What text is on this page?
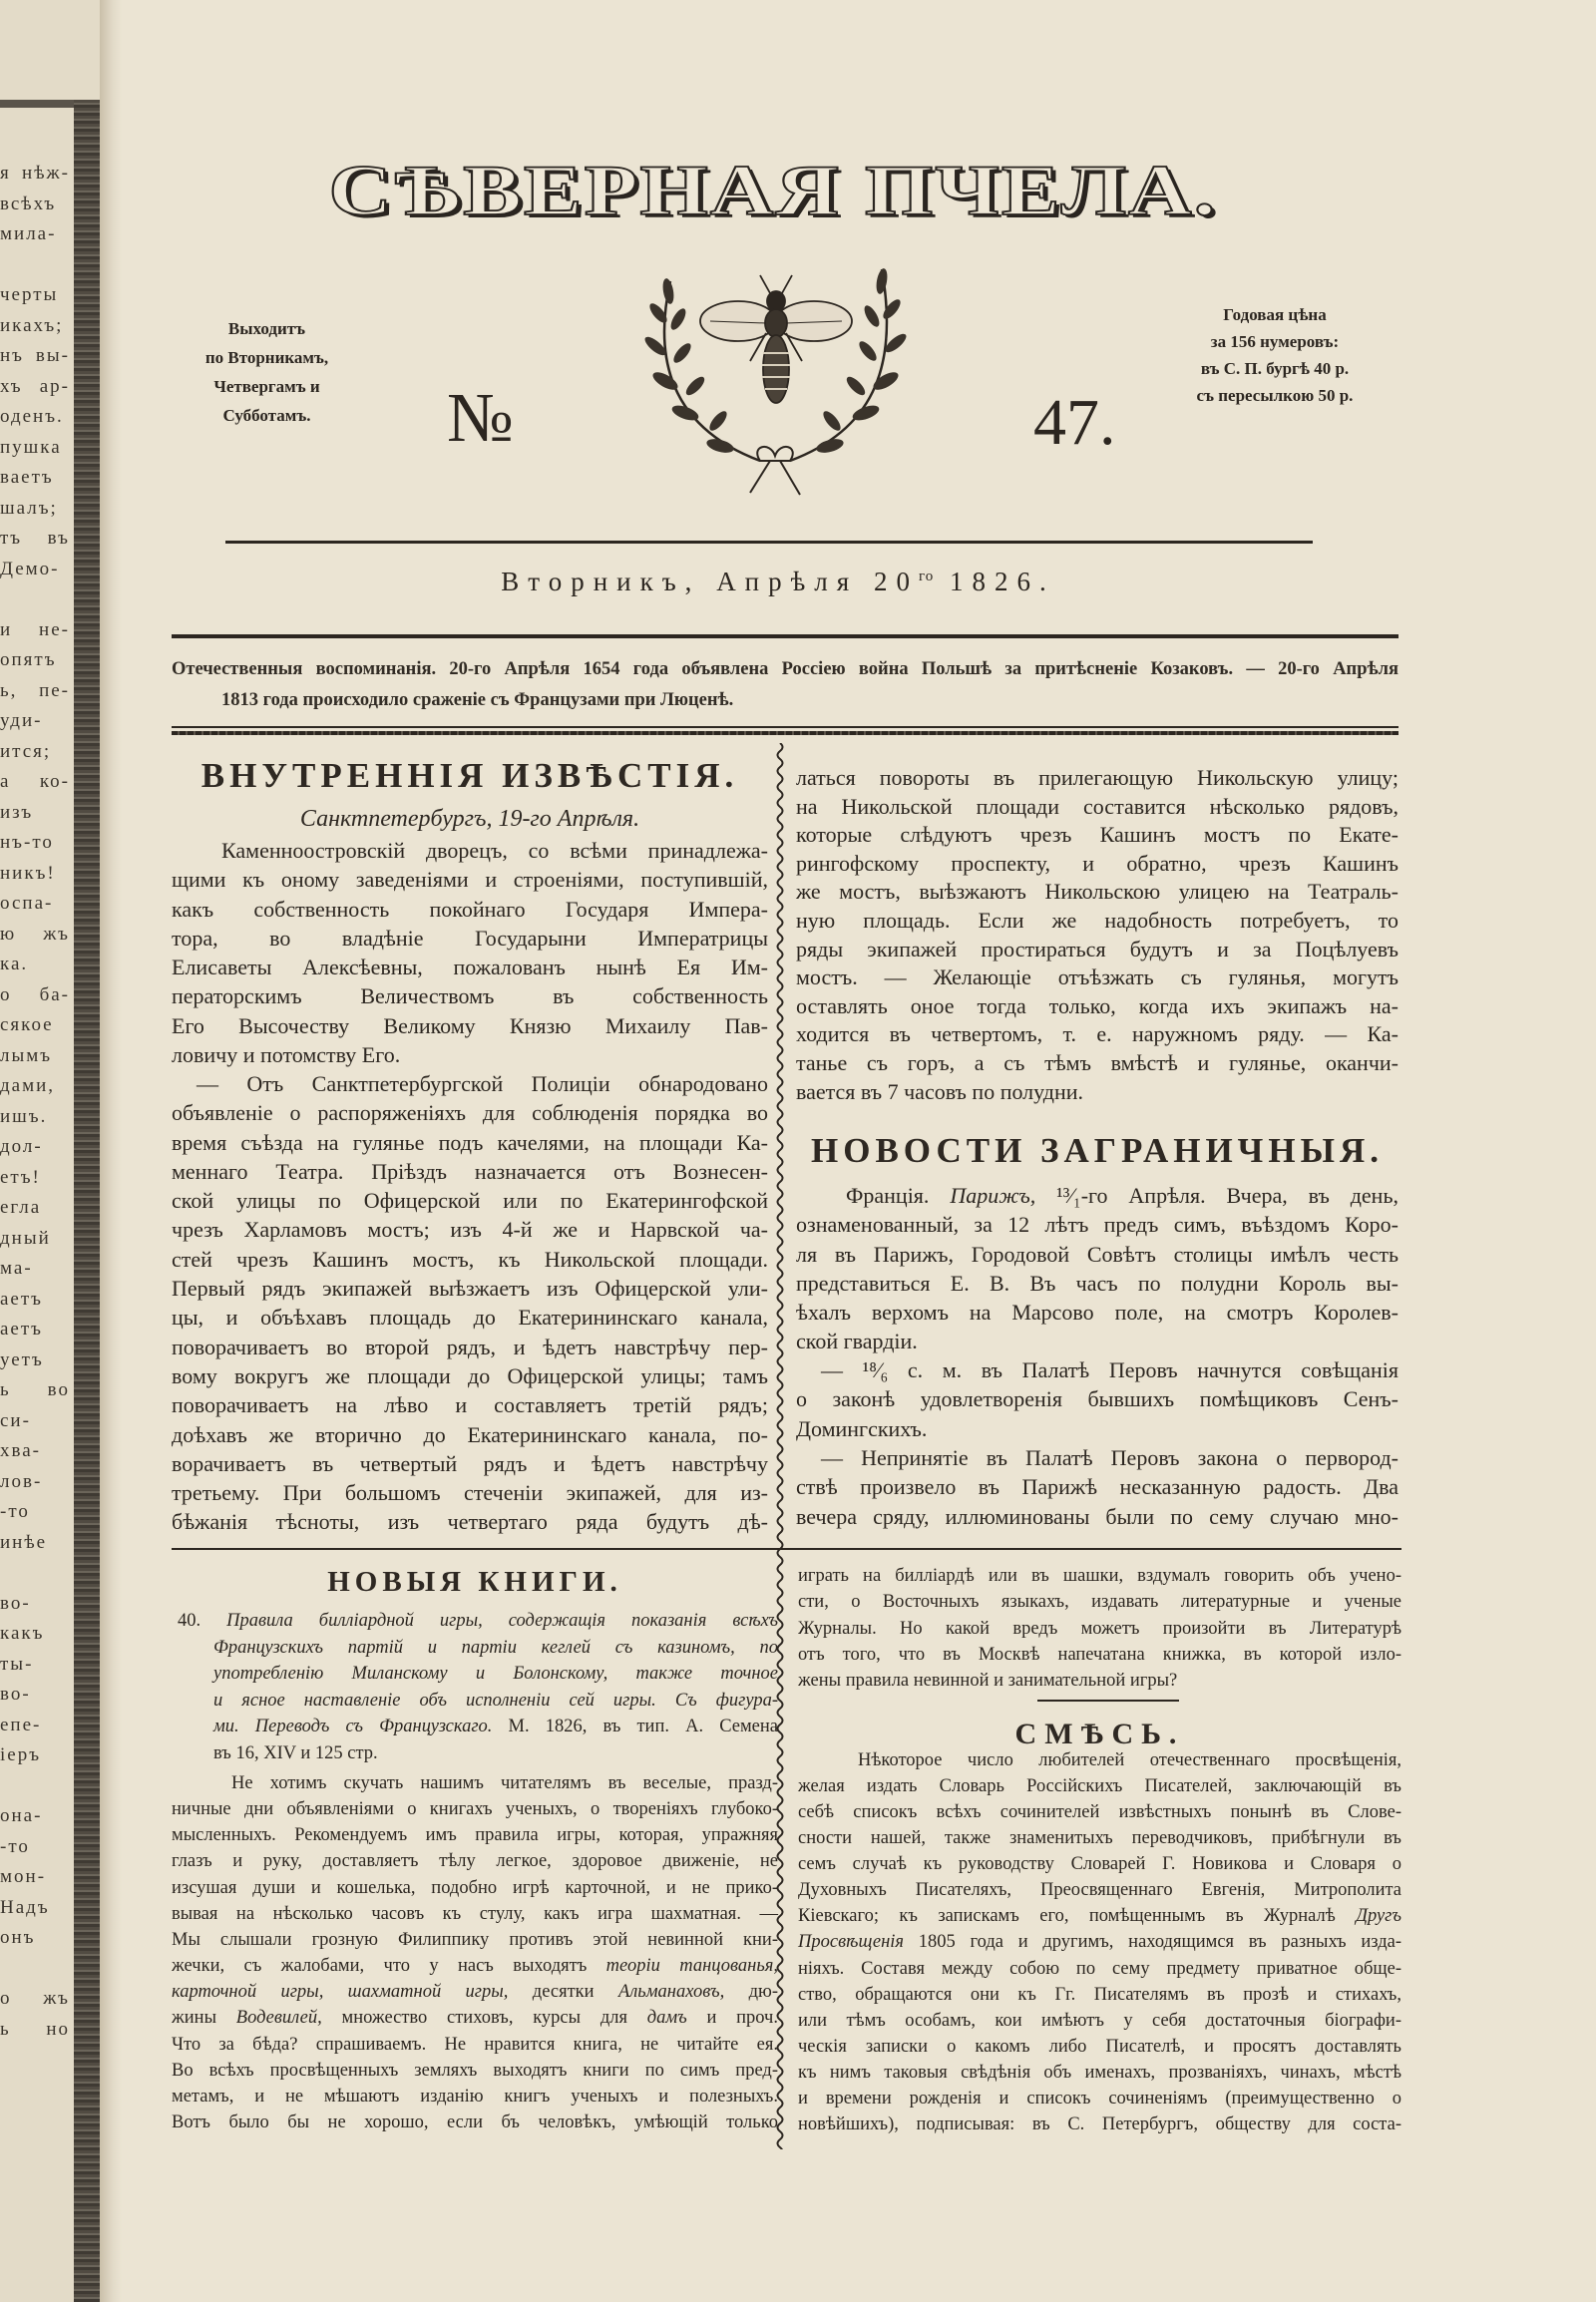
я нѣж-
всѣхъ
мила-
черты
икахъ;
нъ вы-
хъ ар-
оденъ.
пушка
ваетъ
шалъ;
тъ въ
Демо-
и не-
опятъ
ь, пе-
уди-
ится;
а ко-
изъ
нъ-то
никъ!
оспа-
ю жъ
ка.
о ба-
сякое
лымъ
дами,
ишъ.
дол-
етъ!
егла
дный
ма-
аетъ
аетъ
уетъ
ь во
си-
хва-
лов-
-то
инѣе
во-
какъ
ты-
во-
епе-
іеръ
она-
-то
мон-
Надъ
онъ
о жъ
ь но
СѢВЕРНАЯ ПЧЕЛА.
Выходитъ
по Вторникамъ,
Четвергамъ и
Субботамъ.	№	47.
Годовая цѣна
за 156 нумеровъ:
въ С. П. бургѣ 40 р.
съ пересылкою 50 р.
Вторникъ, Апрѣля $20^{го}$ 1826.
Отечественныя воспоминанія. 20-го Апрѣля 1654 года объявлена Россіею война Польшѣ за притѣсненіе Козаковъ. — 20-го Апрѣля
1813 года происходило сраженіе съ Французами при Люценѣ.
ВНУТРЕННІЯ ИЗВѢСТІЯ.
Санктпетербургъ, 19-го Апрѣля.
Каменноостровскій дворецъ, со всѣми принадлежа-
щими къ оному заведеніями и строеніями, поступившій,
какъ собственность покойнаго Государя Импера-
тора, во владѣніе Государыни Императрицы
Елисаветы Алексѣевны, пожалованъ нынѣ Ея Им-
ператорскимъ Величествомъ въ собственность
Его Высочеству Великому Князю Михаилу Пав-
ловичу и потомству Его.
— Отъ Санктпетербургской Полиціи обнародовано
объявленіе о распоряженіяхъ для соблюденія порядка во
время съѣзда на гулянье подъ качелями, на площади Ка-
меннаго Театра. Пріѣздъ назначается отъ Вознесен-
ской улицы по Офицерской или по Екатерингофской
чрезъ Харламовъ мостъ; изъ 4-й же и Нарвской ча-
стей чрезъ Кашинъ мостъ, къ Никольской площади.
Первый рядъ экипажей выѣзжаетъ изъ Офицерской ули-
цы, и объѣхавъ площадь до Екатерининскаго канала,
поворачиваетъ во второй рядъ, и ѣдетъ навстрѣчу пер-
вому вокругъ же площади до Офицерской улицы; тамъ
поворачиваетъ на лѣво и составляетъ третій рядъ;
доѣхавъ же вторично до Екатерининскаго канала, по-
ворачиваетъ въ четвертый рядъ и ѣдетъ навстрѣчу
третьему. При большомъ стеченіи экипажей, для из-
бѣжанія тѣсноты, изъ четвертаго ряда будутъ дѣ-
латься повороты въ прилегающую Никольскую улицу;
на Никольской площади составится нѣсколько рядовъ,
которые слѣдуютъ чрезъ Кашинъ мостъ по Екате-
рингофскому проспекту, и обратно, чрезъ Кашинъ
же мостъ, выѣзжаютъ Никольскою улицею на Театраль-
ную площадь. Если же надобность потребуетъ, то
ряды экипажей простираться будутъ и за Поцѣлуевъ
мостъ. — Желающіе отъѣзжать съ гулянья, могутъ
оставлять оное тогда только, когда ихъ экипажъ на-
ходится въ четвертомъ, т. е. наружномъ ряду. — Ка-
танье съ горъ, а съ тѣмъ вмѣстѣ и гулянье, оканчи-
вается въ 7 часовъ по полудни.
НОВОСТИ ЗАГРАНИЧНЫЯ.
Франція. Парижъ, ¹³⁄₁-го Апрѣля. Вчера, въ день,
ознаменованный, за 12 лѣтъ предъ симъ, въѣздомъ Коро-
ля въ Парижъ, Городовой Совѣтъ столицы имѣлъ честь
представиться Е. В. Въ часъ по полудни Король вы-
ѣхалъ верхомъ на Марсово поле, на смотръ Королев-
ской гвардіи.
— ¹⁸⁄₆ с. м. въ Палатѣ Перовъ начнутся совѣщанія
о законѣ удовлетворенія бывшихъ помѣщиковъ Сенъ-
Домингскихъ.
— Непринятіе въ Палатѣ Перовъ закона о первород-
ствѣ произвело въ Парижѣ несказанную радость. Два
вечера сряду, иллюминованы были по сему случаю мно-
НОВЫЯ КНИГИ.
40. Правила билліардной игры, содержащія показанія всѣхъ
Французскихъ партій и партіи кеглей съ казиномъ, по
употребленію Миланскому и Болонскому, также точное
и ясное наставленіе объ исполненіи сей игры. Съ фигура-
ми. Переводъ съ Французскаго. М. 1826, въ тип. А. Семена
въ 16, XIV и 125 стр.
Не хотимъ скучать нашимъ читателямъ въ веселые, празд-
ничные дни объявленіями о книгахъ ученыхъ, о твореніяхъ глубоко-
мысленныхъ. Рекомендуемъ имъ правила игры, которая, упражняя
глазъ и руку, доставляетъ тѣлу легкое, здоровое движеніе, не
изсушая души и кошелька, подобно игрѣ карточной, и не прико-
вывая на нѣсколько часовъ къ стулу, какъ игра шахматная. —
Мы слышали грозную Филиппику противъ этой невинной кни-
жечки, съ жалобами, что у насъ выходятъ теоріи танцованья,
карточной игры, шахматной игры, десятки Альманаховъ, дю-
жины Водевилей, множество стиховъ, курсы для дамъ и проч.
Что за бѣда? спрашиваемъ. Не нравится книга, не читайте ея.
Во всѣхъ просвѣщенныхъ земляхъ выходятъ книги по симъ пред-
метамъ, и не мѣшаютъ изданію книгъ ученыхъ и полезныхъ.
Вотъ было бы не хорошо, если бъ человѣкъ, умѣющій только
играть на билліардѣ или въ шашки, вздумалъ говорить объ учено-
сти, о Восточныхъ языкахъ, издавать литературные и ученые
Журналы. Но какой вредъ можетъ произойти въ Литературѣ
отъ того, что въ Москвѣ напечатана книжка, въ которой изло-
жены правила невинной и занимательной игры?
СМѢСЬ.
Нѣкоторое число любителей отечественнаго просвѣщенія,
желая издать Словарь Россійскихъ Писателей, заключающій въ
себѣ списокъ всѣхъ сочинителей извѣстныхъ понынѣ въ Слове-
сности нашей, также знаменитыхъ переводчиковъ, прибѣгнули въ
семъ случаѣ къ руководству Словарей Г. Новикова и Словаря о
Духовныхъ Писателяхъ, Преосвященнаго Евгенія, Митрополита
Кіевскаго; къ запискамъ его, помѣщеннымъ въ Журналѣ Другъ
Просвѣщенія 1805 года и другимъ, находящимся въ разныхъ изда-
ніяхъ. Составя между собою по сему предмету приватное обще-
ство, обращаются они къ Гг. Писателямъ въ прозѣ и стихахъ,
или тѣмъ особамъ, кои имѣютъ у себя достаточныя біографи-
ческія записки о какомъ либо Писателѣ, и просятъ доставлять
къ нимъ таковыя свѣдѣнія объ именахъ, прозваніяхъ, чинахъ, мѣстѣ
и времени рожденія и списокъ сочиненіямъ (преимущественно о
новѣйшихъ), подписывая: въ С. Петербургъ, обществу для соста-
